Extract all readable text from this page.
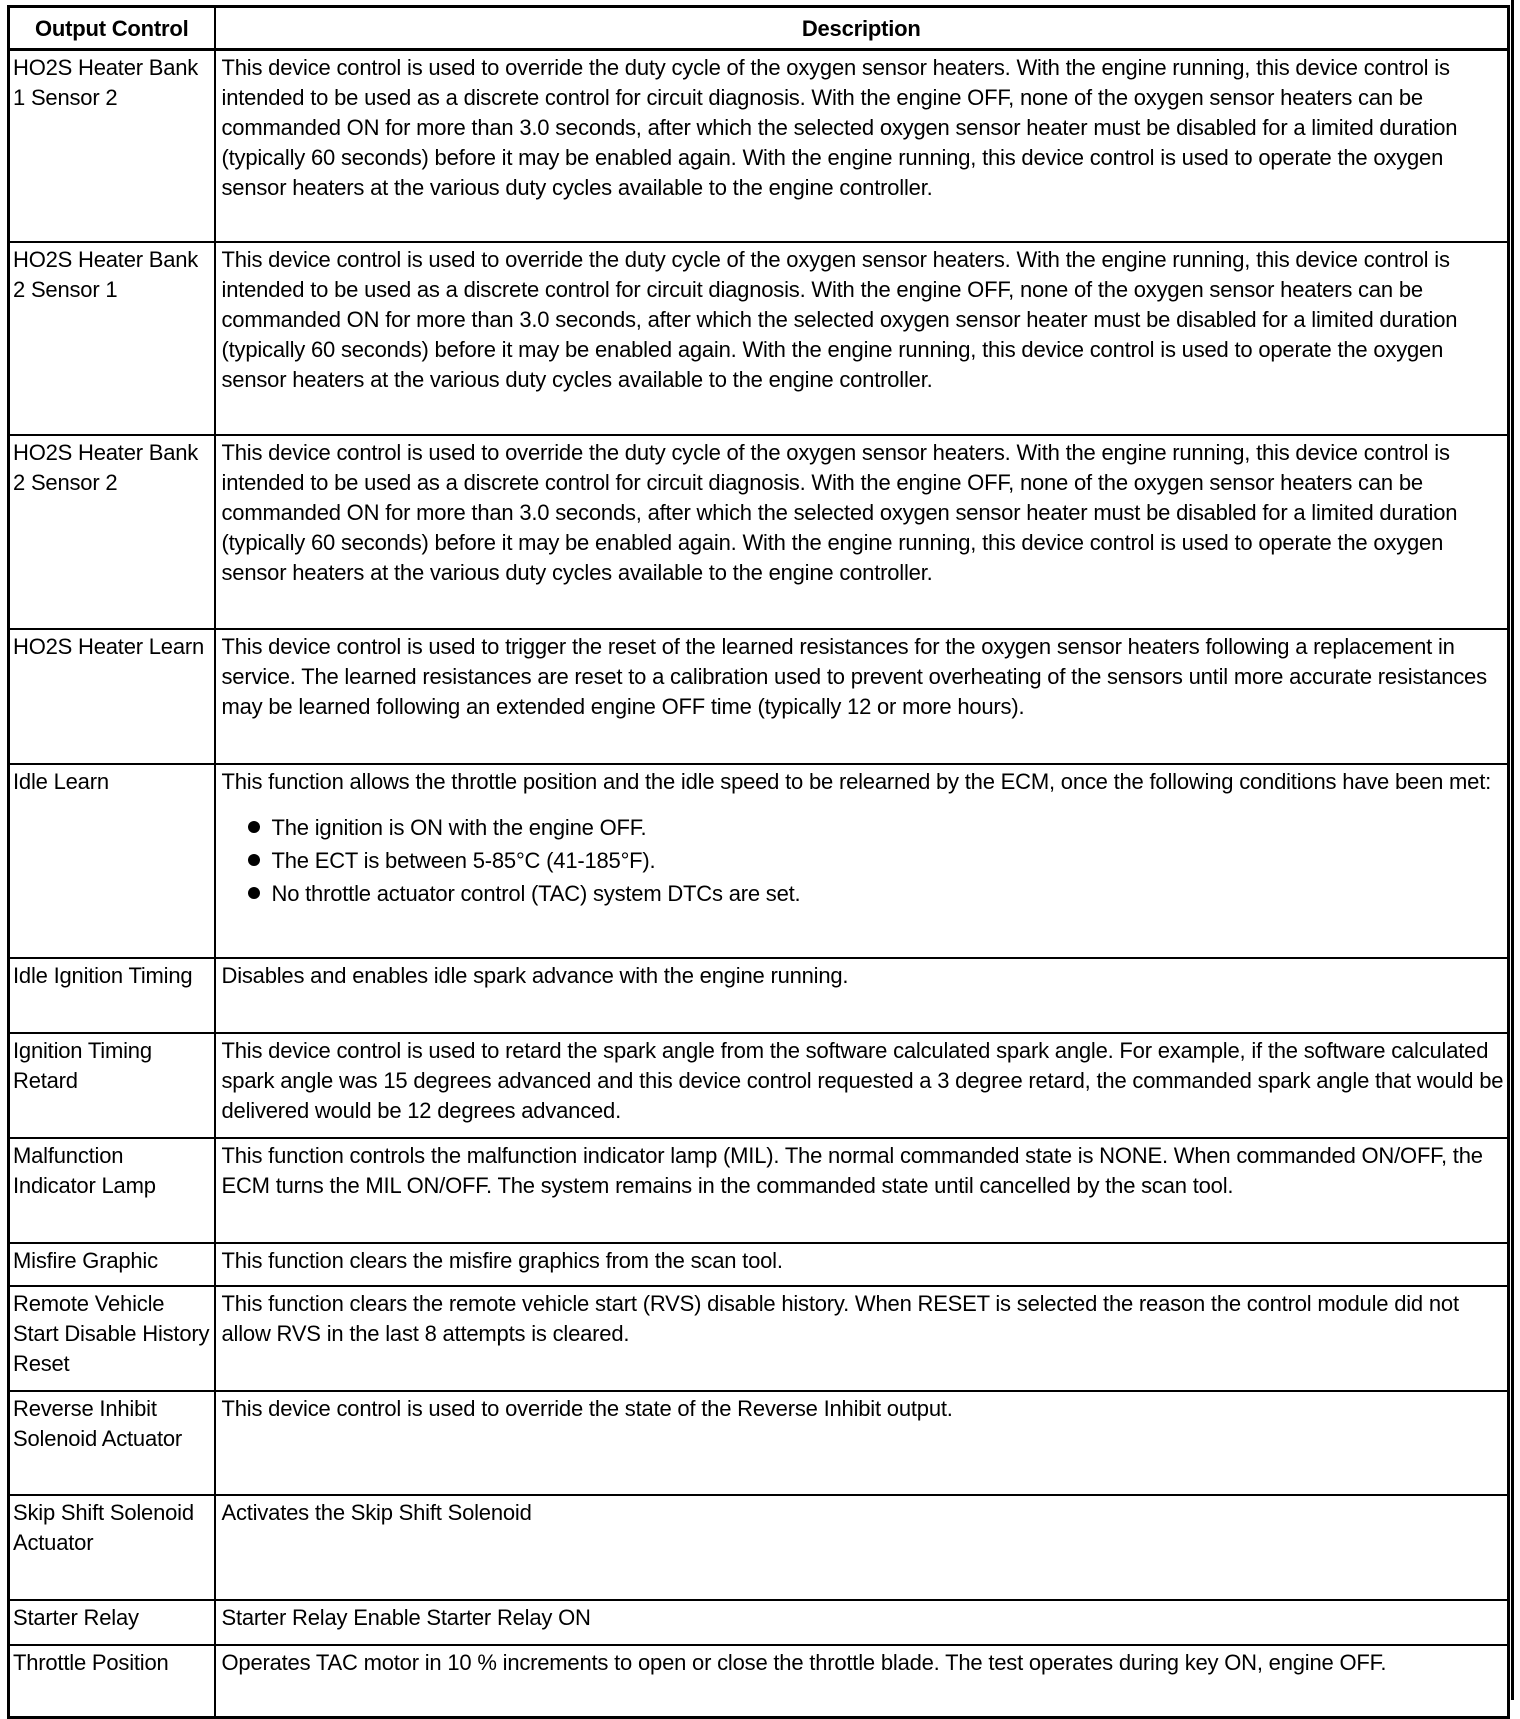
Output Control	Description
HO2S Heater Bank 1 Sensor 2	This device control is used to override the duty cycle of the oxygen sensor heaters. With the engine running, this device control is intended to be used as a discrete control for circuit diagnosis. With the engine OFF, none of the oxygen sensor heaters can be commanded ON for more than 3.0 seconds, after which the selected oxygen sensor heater must be disabled for a limited duration (typically 60 seconds) before it may be enabled again. With the engine running, this device control is used to operate the oxygen sensor heaters at the various duty cycles available to the engine controller.
HO2S Heater Bank 2 Sensor 1	This device control is used to override the duty cycle of the oxygen sensor heaters. With the engine running, this device control is intended to be used as a discrete control for circuit diagnosis. With the engine OFF, none of the oxygen sensor heaters can be commanded ON for more than 3.0 seconds, after which the selected oxygen sensor heater must be disabled for a limited duration (typically 60 seconds) before it may be enabled again. With the engine running, this device control is used to operate the oxygen sensor heaters at the various duty cycles available to the engine controller.
HO2S Heater Bank 2 Sensor 2	This device control is used to override the duty cycle of the oxygen sensor heaters. With the engine running, this device control is intended to be used as a discrete control for circuit diagnosis. With the engine OFF, none of the oxygen sensor heaters can be commanded ON for more than 3.0 seconds, after which the selected oxygen sensor heater must be disabled for a limited duration (typically 60 seconds) before it may be enabled again. With the engine running, this device control is used to operate the oxygen sensor heaters at the various duty cycles available to the engine controller.
HO2S Heater Learn	This device control is used to trigger the reset of the learned resistances for the oxygen sensor heaters following a replacement in service. The learned resistances are reset to a calibration used to prevent overheating of the sensors until more accurate resistances may be learned following an extended engine OFF time (typically 12 or more hours).
Idle Learn	This function allows the throttle position and the idle speed to be relearned by the ECM, once the following conditions have been met:
The ignition is ON with the engine OFF.
The ECT is between 5-85°C (41-185°F).
No throttle actuator control (TAC) system DTCs are set.

Idle Ignition Timing	Disables and enables idle spark advance with the engine running.
Ignition Timing Retard	This device control is used to retard the spark angle from the software calculated spark angle. For example, if the software calculated spark angle was 15 degrees advanced and this device control requested a 3 degree retard, the commanded spark angle that would be delivered would be 12 degrees advanced.
Malfunction Indicator Lamp	This function controls the malfunction indicator lamp (MIL). The normal commanded state is NONE. When commanded ON/OFF, the ECM turns the MIL ON/OFF. The system remains in the commanded state until cancelled by the scan tool.
Misfire Graphic	This function clears the misfire graphics from the scan tool.
Remote Vehicle Start Disable History Reset	This function clears the remote vehicle start (RVS) disable history. When RESET is selected the reason the control module did not allow RVS in the last 8 attempts is cleared.
Reverse Inhibit Solenoid Actuator	This device control is used to override the state of the Reverse Inhibit output.
Skip Shift Solenoid Actuator	Activates the Skip Shift Solenoid
Starter Relay	Starter Relay Enable Starter Relay ON
Throttle Position	Operates TAC motor in 10 % increments to open or close the throttle blade. The test operates during key ON, engine OFF.
